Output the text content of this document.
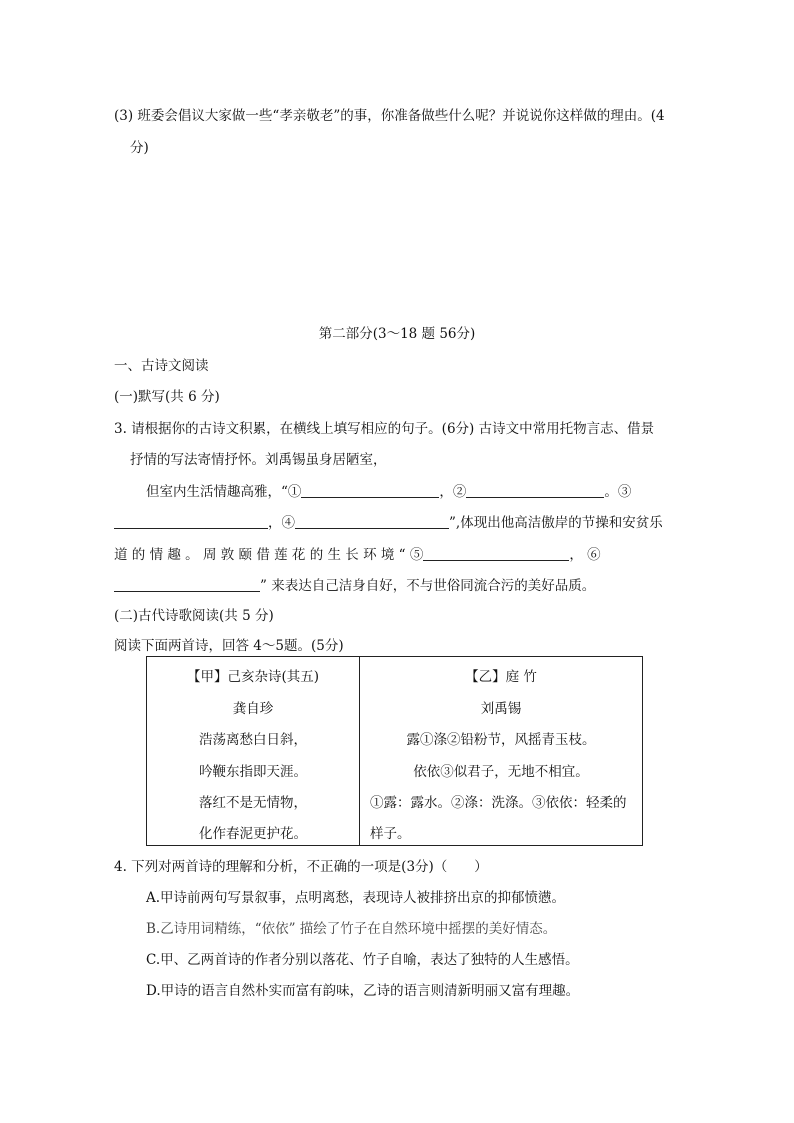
(3) 班委会倡议大家做一些“孝亲敬老”的事，你准备做些什么呢？并说说你这样做的理由。(4
分)
第二部分(3～18 题 56分)
一、古诗文阅读
(一)默写(共 6 分)
3. 请根据你的古诗文积累，在横线上填写相应的句子。(6分) 古诗文中常用托物言志、借景
抒情的写法寄情抒怀。刘禹锡虽身居陋室，
但室内生活情趣高雅，“①	，②	。③
，④	”,体现出他高洁傲岸的节操和安贫乐
道 的 情 趣 。 周 敦 颐 借 莲 花 的 生 长 环 境 “ ⑤	， ⑥
” 来表达自己洁身自好，不与世俗同流合污的美好品质。
(二)古代诗歌阅读(共 5 分)
阅读下面两首诗，回答 4～5题。(5分)
【甲】己亥杂诗(其五)
龚自珍
浩荡离愁白日斜，
吟鞭东指即天涯。
落红不是无情物，
化作春泥更护花。

【乙】庭 竹
刘禹锡
露①涤②铅粉节，风摇青玉枝。
依依③似君子，无地不相宜。
①露：露水。②涤：洗涤。③依依：轻柔的
样子。
4. 下列对两首诗的理解和分析，不正确的一项是(3分)（　　）
A.甲诗前两句写景叙事，点明离愁，表现诗人被排挤出京的抑郁愤懑。
B.乙诗用词精练，“依依” 描绘了竹子在自然环境中摇摆的美好情态。
C.甲、乙两首诗的作者分别以落花、竹子自喻，表达了独特的人生感悟。
D.甲诗的语言自然朴实而富有韵味，乙诗的语言则清新明丽又富有理趣。
